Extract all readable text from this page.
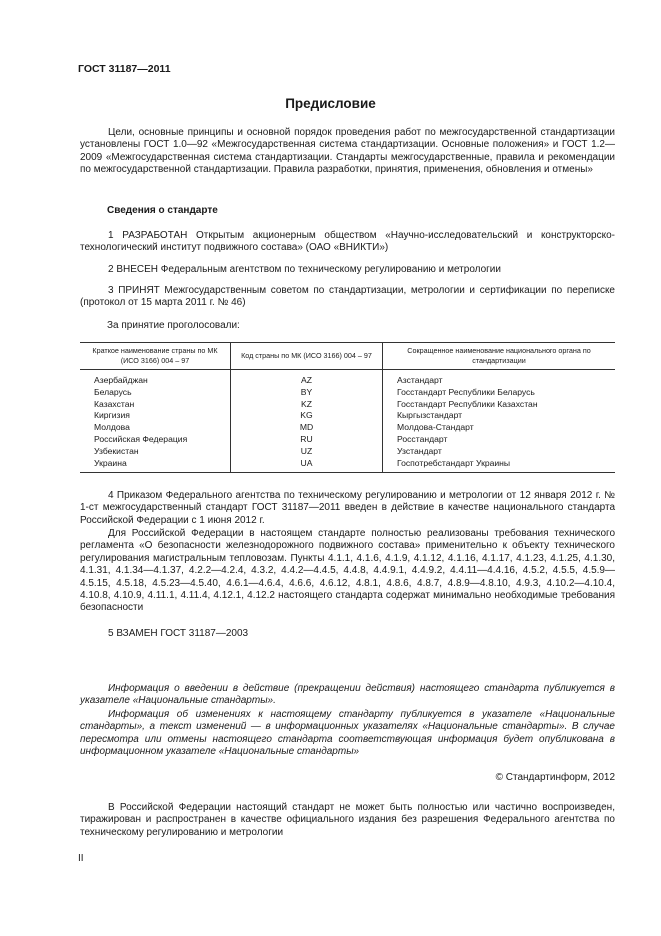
ГОСТ 31187—2011
Предисловие
Цели, основные принципы и основной порядок проведения работ по межгосударственной стандартизации установлены ГОСТ 1.0—92 «Межгосударственная система стандартизации. Основные положения» и ГОСТ 1.2—2009 «Межгосударственная система стандартизации. Стандарты межгосударственные, правила и рекомендации по межгосударственной стандартизации. Правила разработки, принятия, применения, обновления и отмены»
Сведения о стандарте
1 РАЗРАБОТАН Открытым акционерным обществом «Научно-исследовательский и конструкторско-технологический институт подвижного состава» (ОАО «ВНИКТИ»)
2 ВНЕСЕН Федеральным агентством по техническому регулированию и метрологии
3 ПРИНЯТ Межгосударственным советом по стандартизации, метрологии и сертификации по переписке (протокол от 15 марта 2011 г. № 46)
За принятие проголосовали:
Краткое наименование страны по МК (ИСО 3166) 004 – 97	Код страны по МК (ИСО 3166) 004 – 97	Сокращенное наименование национального органа по стандартизации
Азербайджан	AZ	Азстандарт
Беларусь	BY	Госстандарт Республики Беларусь
Казахстан	KZ	Госстандарт Республики Казахстан
Киргизия	KG	Кыргызстандарт
Молдова	MD	Молдова-Стандарт
Российская Федерация	RU	Росстандарт
Узбекистан	UZ	Узстандарт
Украина	UA	Госпотребстандарт Украины
4 Приказом Федерального агентства по техническому регулированию и метрологии от 12 января 2012 г. № 1-ст межгосударственный стандарт ГОСТ 31187—2011 введен в действие в качестве национального стандарта Российской Федерации с 1 июня 2012 г.
Для Российской Федерации в настоящем стандарте полностью реализованы требования технического регламента «О безопасности железнодорожного подвижного состава» применительно к объекту технического регулирования магистральным тепловозам. Пункты 4.1.1, 4.1.6, 4.1.9, 4.1.12, 4.1.16, 4.1.17, 4.1.23, 4.1.25, 4.1.30, 4.1.31, 4.1.34—4.1.37, 4.2.2—4.2.4, 4.3.2, 4.4.2—4.4.5, 4.4.8, 4.4.9.1, 4.4.9.2, 4.4.11—4.4.16, 4.5.2, 4.5.5, 4.5.9—4.5.15, 4.5.18, 4.5.23—4.5.40, 4.6.1—4.6.4, 4.6.6, 4.6.12, 4.8.1, 4.8.6, 4.8.7, 4.8.9—4.8.10, 4.9.3, 4.10.2—4.10.4, 4.10.8, 4.10.9, 4.11.1, 4.11.4, 4.12.1, 4.12.2 настоящего стандарта содержат минимально необходимые требования безопасности
5 ВЗАМЕН ГОСТ 31187—2003
Информация о введении в действие (прекращении действия) настоящего стандарта публикуется в указателе «Национальные стандарты».
Информация об изменениях к настоящему стандарту публикуется в указателе «Национальные стандарты», а текст изменений — в информационных указателях «Национальные стандарты». В случае пересмотра или отмены настоящего стандарта соответствующая информация будет опубликована в информационном указателе «Национальные стандарты»
© Стандартинформ, 2012
В Российской Федерации настоящий стандарт не может быть полностью или частично воспроизведен, тиражирован и распространен в качестве официального издания без разрешения Федерального агентства по техническому регулированию и метрологии
II
